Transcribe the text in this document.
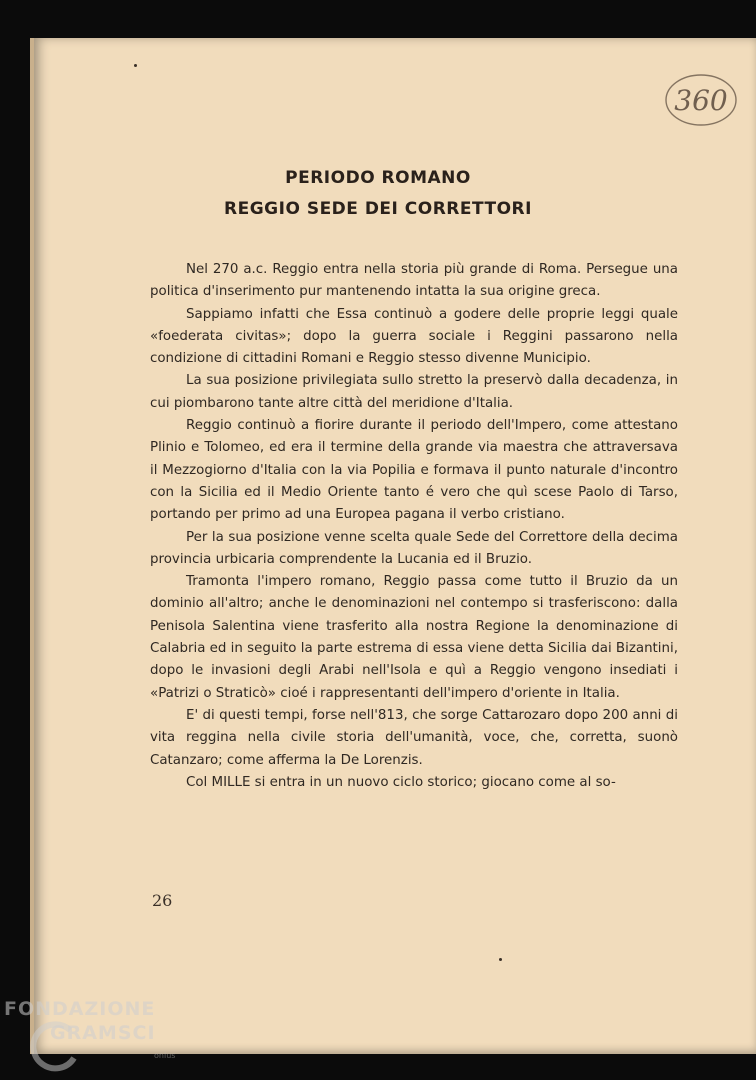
360
PERIODO ROMANO
REGGIO SEDE DEI CORRETTORI

Nel 270 a.c. Reggio entra nella storia più grande di Roma. Persegue una politica d'inserimento pur mantenendo intatta la sua origine greca.

Sappiamo infatti che Essa continuò a godere delle proprie leggi quale «foederata civitas»; dopo la guerra sociale i Reggini passarono nella condizione di cittadini Romani e Reggio stesso divenne Municipio.

La sua posizione privilegiata sullo stretto la preservò dalla decadenza, in cui piombarono tante altre città del meridione d'Italia.

Reggio continuò a fiorire durante il periodo dell'Impero, come attestano Plinio e Tolomeo, ed era il termine della grande via maestra che attraversava il Mezzogiorno d'Italia con la via Popilia e formava il punto naturale d'incontro con la Sicilia ed il Medio Oriente tanto é vero che quì scese Paolo di Tarso, portando per primo ad una Europea pagana il verbo cristiano.

Per la sua posizione venne scelta quale Sede del Correttore della decima provincia urbicaria comprendente la Lucania ed il Bruzio.

Tramonta l'impero romano, Reggio passa come tutto il Bruzio da un dominio all'altro; anche le denominazioni nel contempo si trasferiscono: dalla Penisola Salentina viene trasferito alla nostra Regione la denominazione di Calabria ed in seguito la parte estrema di essa viene detta Sicilia dai Bizantini, dopo le invasioni degli Arabi nell'Isola e quì a Reggio vengono insediati i «Patrizi o Straticò» cioé i rappresentanti dell'impero d'oriente in Italia.

E' di questi tempi, forse nell'813, che sorge Cattarozaro dopo 200 anni di vita reggina nella civile storia dell'umanità, voce, che, corretta, suonò Catanzaro; come afferma la De Lorenzis.

Col MILLE si entra in un nuovo ciclo storico; giocano come al so-

26
FONDAZIONE
GRAMSCI
onlus
